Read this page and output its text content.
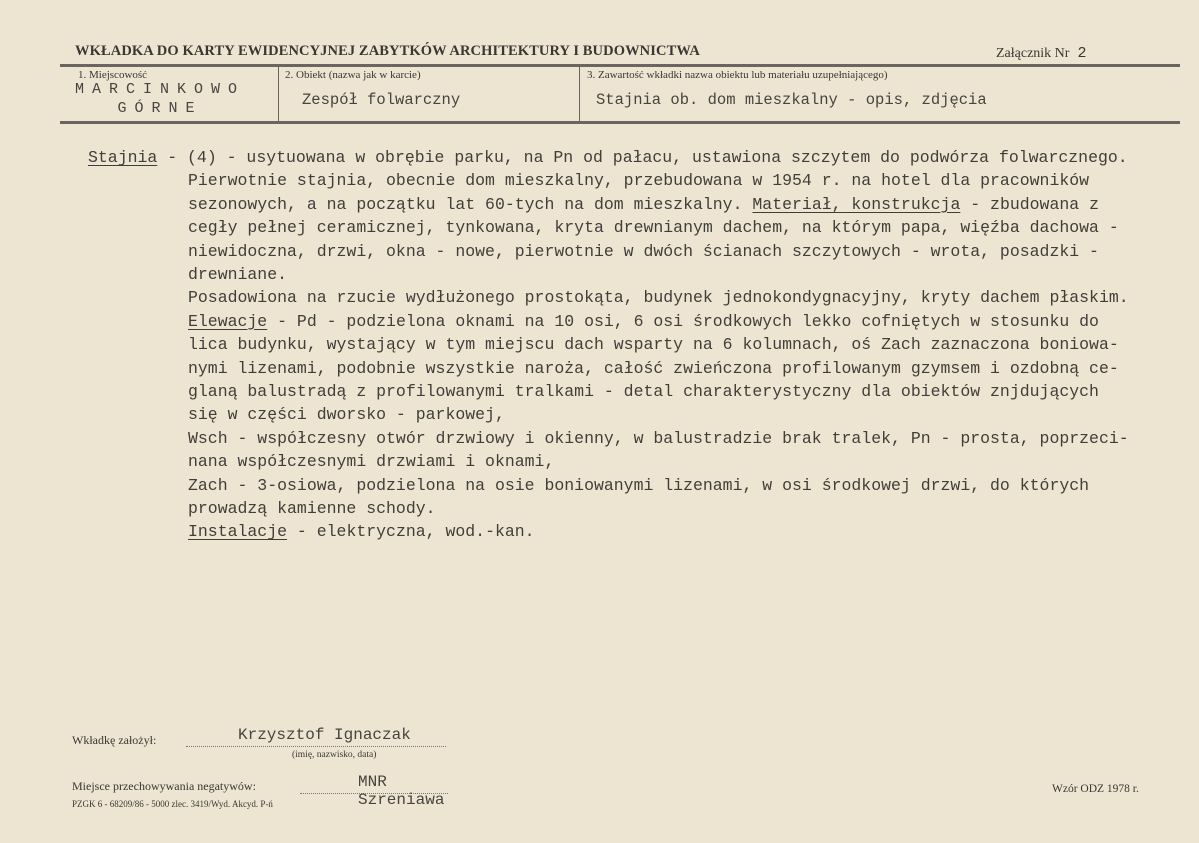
WKŁADKA DO KARTY EWIDENCYJNEJ ZABYTKÓW ARCHITEKTURY I BUDOWNICTWA	Załącznik Nr 2
1. Miejscowość
MARCINKOWO
GÓRNE
2. Obiekt (nazwa jak w karcie)
Zespół folwarczny
3. Zawartość wkładki nazwa obiektu lub materiału uzupełniającego)
Stajnia ob. dom mieszkalny - opis, zdjęcia
Stajnia - (4) - usytuowana w obrębie parku, na Pn od pałacu, ustawiona szczytem do podwórza folwarcznego.
Pierwotnie stajnia, obecnie dom mieszkalny, przebudowana w 1954 r. na hotel dla pracowników
sezonowych, a na początku lat 60-tych na dom mieszkalny. Materiał, konstrukcja - zbudowana z
cegły pełnej ceramicznej, tynkowana, kryta drewnianym dachem, na którym papa, więźba dachowa -
niewidoczna, drzwi, okna - nowe, pierwotnie w dwóch ścianach szczytowych - wrota, posadzki -
drewniane.
Posadowiona na rzucie wydłużonego prostokąta, budynek jednokondygnacyjny, kryty dachem płaskim.
Elewacje - Pd - podzielona oknami na 10 osi, 6 osi środkowych lekko cofniętych w stosunku do
lica budynku, wystający w tym miejscu dach wsparty na 6 kolumnach, oś Zach zaznaczona boniowa-
nymi lizenami, podobnie wszystkie naroża, całość zwieńczona profilowanym gzymsem i ozdobną ce-
glaną balustradą z profilowanymi tralkami - detal charakterystyczny dla obiektów znjdujących
się w części dworsko - parkowej,
Wsch - współczesny otwór drzwiowy i okienny, w balustradzie brak tralek, Pn - prosta, poprzeci-
nana współczesnymi drzwiami i oknami,
Zach - 3-osiowa, podzielona na osie boniowanymi lizenami, w osi środkowej drzwi, do których
prowadzą kamienne schody.
Instalacje - elektryczna, wod.-kan.
Wkładkę założył:	Krzysztof Ignaczak
(imię, nazwisko, data)
Miejsce przechowywania negatywów:	MNR Szreniawa
PZGK 6 - 68209/86 - 5000 zlec. 3419/Wyd. Akcyd. P-ń
Wzór ODZ 1978 r.
